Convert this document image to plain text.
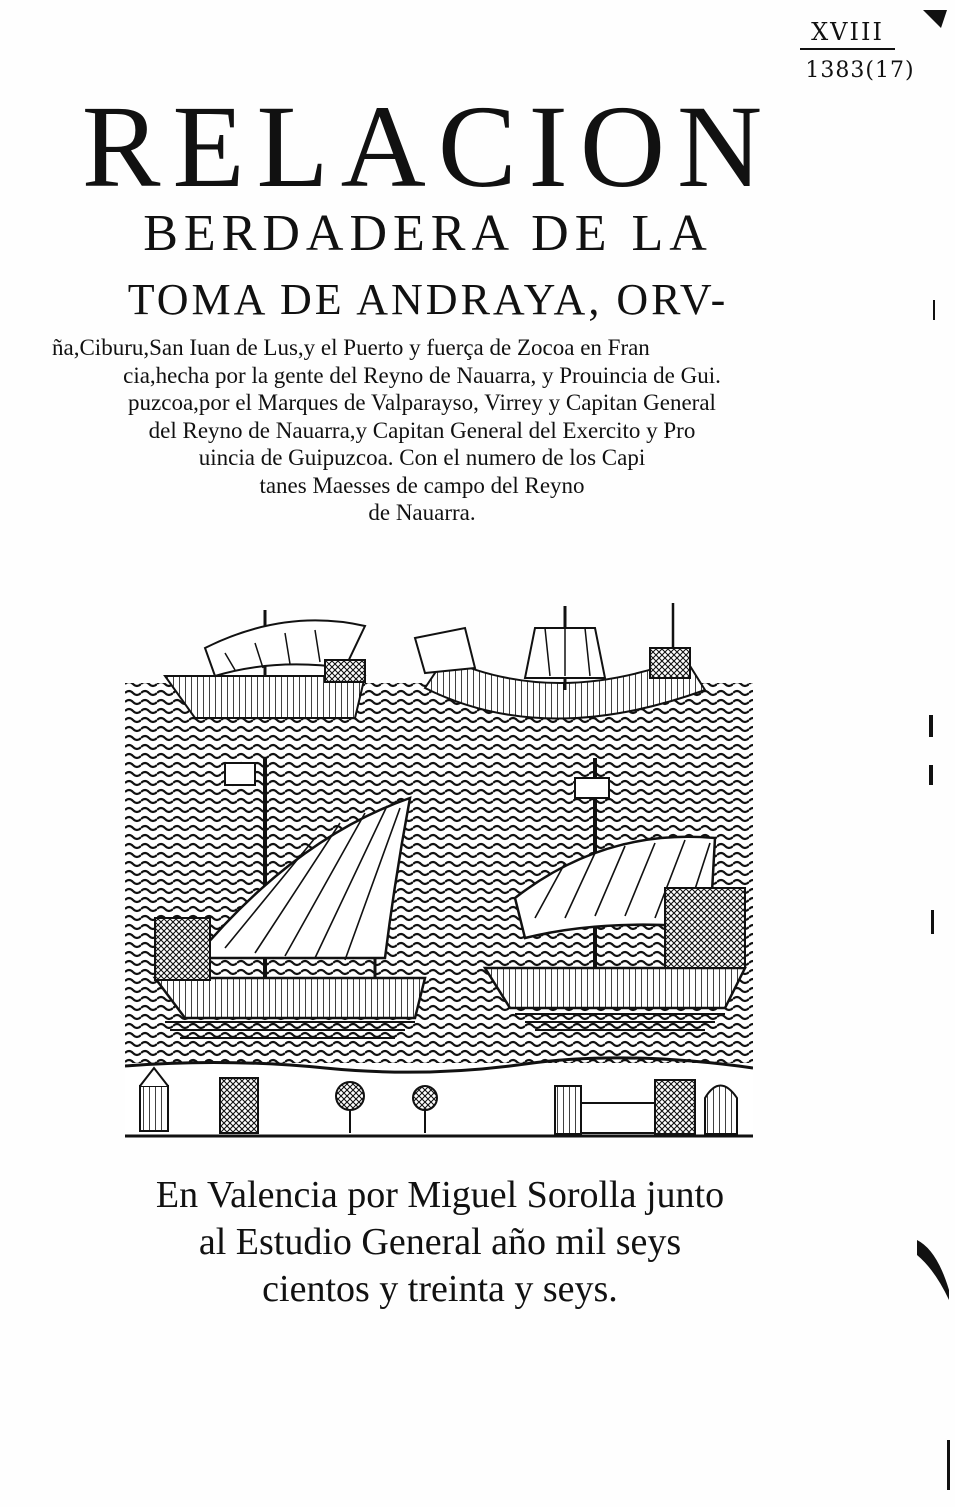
XVIII
1383(17)
RELACION
BERDADERA DE LA
TOMA DE ANDRAYA, ORV-
ña,Ciburu,San Iuan de Lus,y el Puerto y fuerça de Zocoa en Fran
cia,hecha por la gente del Reyno de Nauarra, y Prouincia de Gui.
puzcoa,por el Marques de Valparayso, Virrey y Capitan General
del Reyno de Nauarra,y Capitan General del Exercito y Pro
uincia de Guipuzcoa. Con el numero de los Capi
tanes Maesses de campo del Reyno
de Nauarra.
En Valencia por Miguel Sorolla junto
al Estudio General año mil seys
cientos y treinta y seys.
